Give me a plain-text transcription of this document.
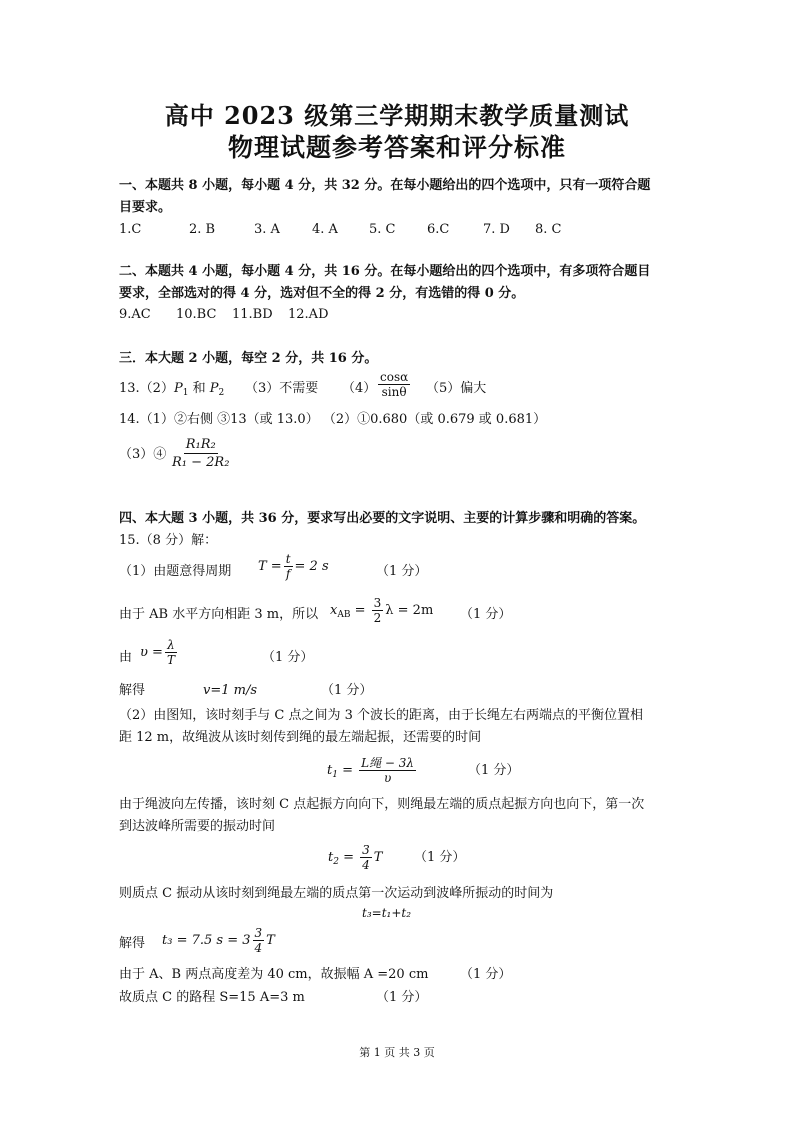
高中 2023 级第三学期期末教学质量测试
物理试题参考答案和评分标准
一、本题共 8 小题，每小题 4 分，共 32 分。在每小题给出的四个选项中，只有一项符合题
目要求。
1.C	2. B	3. A 4. A 5. C 6.C	7. D 8. C
二、本题共 4 小题，每小题 4 分，共 16 分。在每小题给出的四个选项中，有多项符合题目
要求，全部选对的得 4 分，选对但不全的得 2 分，有选错的得 0 分。
9.AC 10.BC 11.BD 12.AD
三．本大题 2 小题，每空 2 分，共 16 分。
$13.(2)P_1$ 和 $P_2$ （3）不需要 $(4) \frac{\cos\alpha}{\sin\theta} (5)$偏大
14.（1）②右侧 ③13（或 13.0） （2）①0.680（或 0.679 或 0.681）
（3）④ $\frac{\text{R₁R₂}}{\text{R₁ − 2R₂}}$
四、本大题 3 小题，共 36 分，要求写出必要的文字说明、主要的计算步骤和明确的答案。
15.（8 分）解：
（1）由题意得周期 $T = \frac{t}{f} = 2$ s	（1 分）
由于 AB 水平方向相距 3 m，所以 $x_{AB} = \frac{3}{2}$ λ = 2m （1 分）
由 $\upsilon = \frac{\lambda}{T}$	（1 分）
解得	v=1 m/s	（1 分）
（2）由图知，该时刻手与 C 点之间为 3 个波长的距离，由于长绳左右两端点的平衡位置相
距 12 m，故绳波从该时刻传到绳的最左端起振，还需要的时间
$t_1 = \frac{\text{L绳 − 3λ}}{\upsilon}$	（1 分）
由于绳波向左传播，该时刻 C 点起振方向向下，则绳最左端的质点起振方向也向下，第一次
到达波峰所需要的振动时间
$t_2 = \frac{3}{4}$ T （1 分）
则质点 C 振动从该时刻到绳最左端的质点第一次运动到波峰所振动的时间为
t₃=t₁+t₂
解得 t₃ = 7.5 $s = 3 \frac{3}{4}$ T
由于 A、B 两点高度差为 40 cm，故振幅 A =20 cm （1 分）
故质点 C 的路程 S=15 A=3 m	（1 分）
第 1 页 共 3 页
